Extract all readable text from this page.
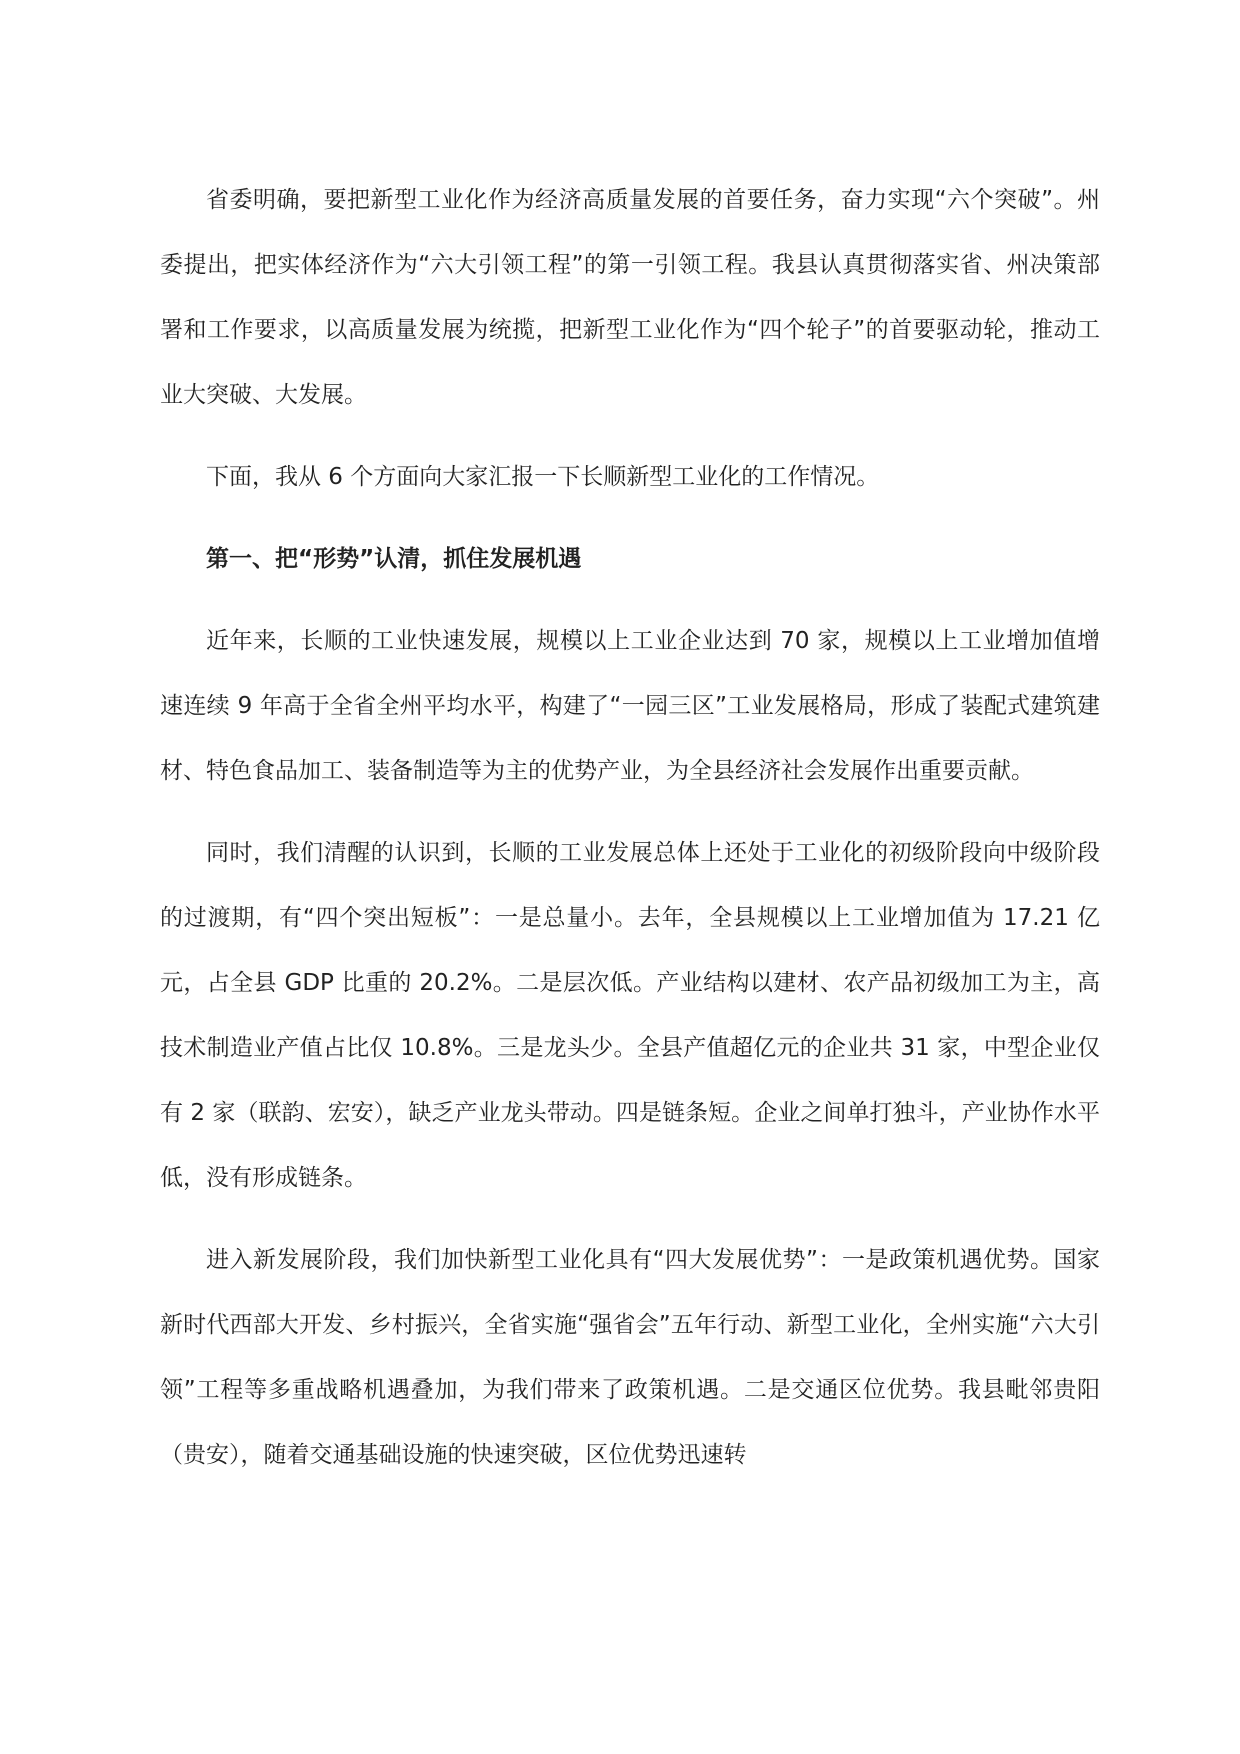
省委明确，要把新型工业化作为经济高质量发展的首要任务，奋力实现“六个突破”。州委提出，把实体经济作为“六大引领工程”的第一引领工程。我县认真贯彻落实省、州决策部署和工作要求，以高质量发展为统揽，把新型工业化作为“四个轮子”的首要驱动轮，推动工业大突破、大发展。

下面，我从 6 个方面向大家汇报一下长顺新型工业化的工作情况。

第一、把“形势”认清，抓住发展机遇

近年来，长顺的工业快速发展，规模以上工业企业达到 70 家，规模以上工业增加值增速连续 9 年高于全省全州平均水平，构建了“一园三区”工业发展格局，形成了装配式建筑建材、特色食品加工、装备制造等为主的优势产业，为全县经济社会发展作出重要贡献。

同时，我们清醒的认识到，长顺的工业发展总体上还处于工业化的初级阶段向中级阶段的过渡期，有“四个突出短板”：一是总量小。去年，全县规模以上工业增加值为 17.21 亿元，占全县 GDP 比重的 20.2%。二是层次低。产业结构以建材、农产品初级加工为主，高技术制造业产值占比仅 10.8%。三是龙头少。全县产值超亿元的企业共 31 家，中型企业仅有 2 家（联韵、宏安），缺乏产业龙头带动。四是链条短。企业之间单打独斗，产业协作水平低，没有形成链条。

进入新发展阶段，我们加快新型工业化具有“四大发展优势”：一是政策机遇优势。国家新时代西部大开发、乡村振兴，全省实施“强省会”五年行动、新型工业化，全州实施“六大引领”工程等多重战略机遇叠加，为我们带来了政策机遇。二是交通区位优势。我县毗邻贵阳（贵安），随着交通基础设施的快速突破，区位优势迅速转
